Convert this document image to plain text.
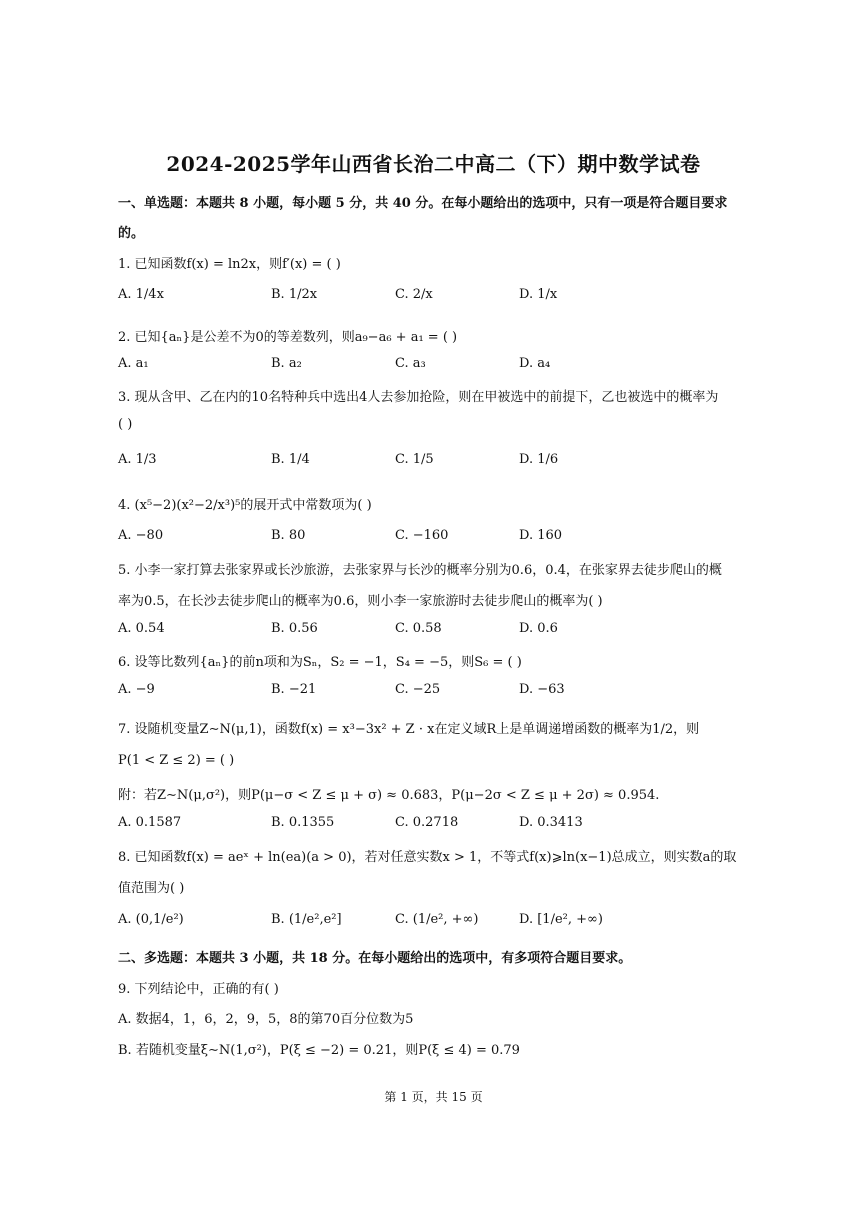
2024-2025学年山西省长治二中高二（下）期中数学试卷
一、单选题：本题共 8 小题，每小题 5 分，共 40 分。在每小题给出的选项中，只有一项是符合题目要求
的。
1. 已知函数f(x) = ln2x，则f′(x) = ( )
A. 1/4x	B. 1/2x	C. 2/x	D. 1/x
2. 已知{aₙ}是公差不为0的等差数列，则a₉−a₆ + a₁ = ( )
A. a₁	B. a₂	C. a₃	D. a₄
3. 现从含甲、乙在内的10名特种兵中选出4人去参加抢险，则在甲被选中的前提下，乙也被选中的概率为
( )
A. 1/3	B. 1/4	C. 1/5	D. 1/6
4. (x⁵−2)(x²−2/x³)⁵的展开式中常数项为( )
A. −80	B. 80	C. −160	D. 160
5. 小李一家打算去张家界或长沙旅游，去张家界与长沙的概率分别为0.6，0.4，在张家界去徒步爬山的概
率为0.5，在长沙去徒步爬山的概率为0.6，则小李一家旅游时去徒步爬山的概率为( )
A. 0.54	B. 0.56	C. 0.58	D. 0.6
6. 设等比数列{aₙ}的前n项和为Sₙ，S₂ = −1，S₄ = −5，则S₆ = ( )
A. −9	B. −21	C. −25	D. −63
7. 设随机变量Z∼N(μ,1)，函数f(x) = x³−3x² + Z · x在定义域R上是单调递增函数的概率为1/2，则
P(1 < Z ≤ 2) = ( )
附：若Z∼N(μ,σ²)，则P(μ−σ < Z ≤ μ + σ) ≈ 0.683，P(μ−2σ < Z ≤ μ + 2σ) ≈ 0.954.
A. 0.1587	B. 0.1355	C. 0.2718	D. 0.3413
8. 已知函数f(x) = aeˣ + ln(ea)(a > 0)，若对任意实数x > 1，不等式f(x)⩾ln(x−1)总成立，则实数a的取
值范围为( )
A. (0,1/e²)	B. (1/e²,e²]	C. (1/e², +∞)	D. [1/e², +∞)
二、多选题：本题共 3 小题，共 18 分。在每小题给出的选项中，有多项符合题目要求。
9. 下列结论中，正确的有( )
A. 数据4，1，6，2，9，5，8的第70百分位数为5
B. 若随机变量ξ∼N(1,σ²)，P(ξ ≤ −2) = 0.21，则P(ξ ≤ 4) = 0.79
第 1 页，共 15 页
